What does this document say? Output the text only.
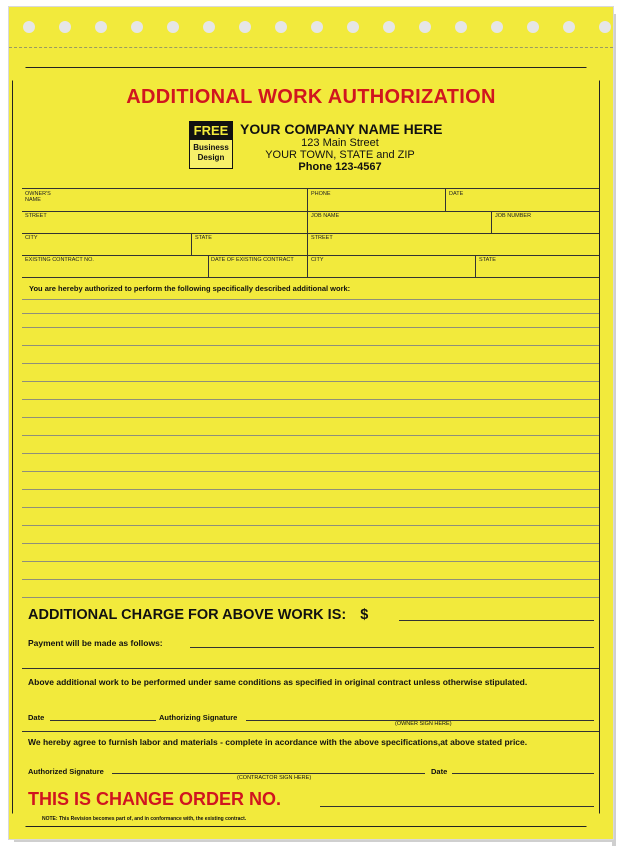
ADDITIONAL WORK AUTHORIZATION
FREE
Business
Design
YOUR COMPANY NAME HERE
123 Main Street
YOUR TOWN, STATE and ZIP
Phone 123-4567
OWNER'S NAME
PHONE	DATE
STREET	JOB NAME	JOB NUMBER
CITY	STATE	STREET
EXISTING CONTRACT NO.	DATE OF EXISTING CONTRACT	CITY	STATE
You are hereby authorized to perform the following specifically described additional work:
ADDITIONAL CHARGE FOR ABOVE WORK IS: $
Payment will be made as follows:
Above additional work to be performed under same conditions as specified in original contract unless otherwise stipulated.
Date	Authorizing Signature
(OWNER SIGN HERE)
We hereby agree to furnish labor and materials - complete in acordance with the above specifications,at above stated price.
Authorized Signature
(CONTRACTOR SIGN HERE)
Date
THIS IS CHANGE ORDER NO.
NOTE: This Revision becomes part of, and in conformance with, the existing contract.
